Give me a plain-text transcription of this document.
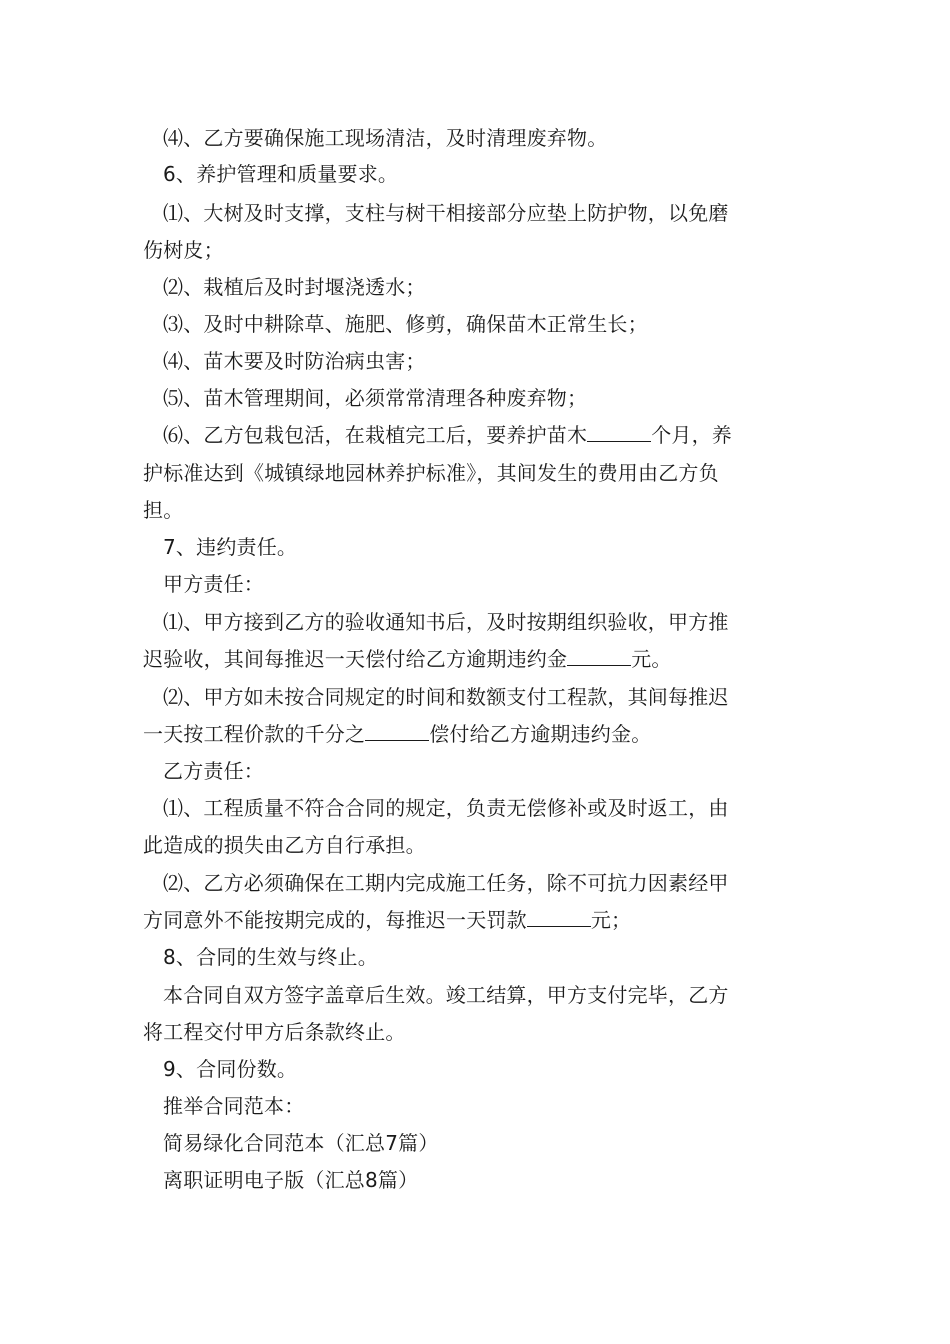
⑷、乙方要确保施工现场清洁，及时清理废弃物。
6、养护管理和质量要求。
⑴、大树及时支撑，支柱与树干相接部分应垫上防护物，以免磨
伤树皮；
⑵、栽植后及时封堰浇透水；
⑶、及时中耕除草、施肥、修剪，确保苗木正常生长；
⑷、苗木要及时防治病虫害；
⑸、苗木管理期间，必须常常清理各种废弃物；
⑹、乙方包栽包活，在栽植完工后，要养护苗木	个月，养
护标准达到《城镇绿地园林养护标准》，其间发生的费用由乙方负
担。
7、违约责任。
甲方责任：
⑴、甲方接到乙方的验收通知书后，及时按期组织验收，甲方推
迟验收，其间每推迟一天偿付给乙方逾期违约金	元。
⑵、甲方如未按合同规定的时间和数额支付工程款，其间每推迟
一天按工程价款的千分之	偿付给乙方逾期违约金。
乙方责任：
⑴、工程质量不符合合同的规定，负责无偿修补或及时返工，由
此造成的损失由乙方自行承担。
⑵、乙方必须确保在工期内完成施工任务，除不可抗力因素经甲
方同意外不能按期完成的，每推迟一天罚款	元；
8、合同的生效与终止。
本合同自双方签字盖章后生效。竣工结算，甲方支付完毕，乙方
将工程交付甲方后条款终止。
9、合同份数。
推举合同范本：
简易绿化合同范本（汇总7篇）
离职证明电子版（汇总8篇）
